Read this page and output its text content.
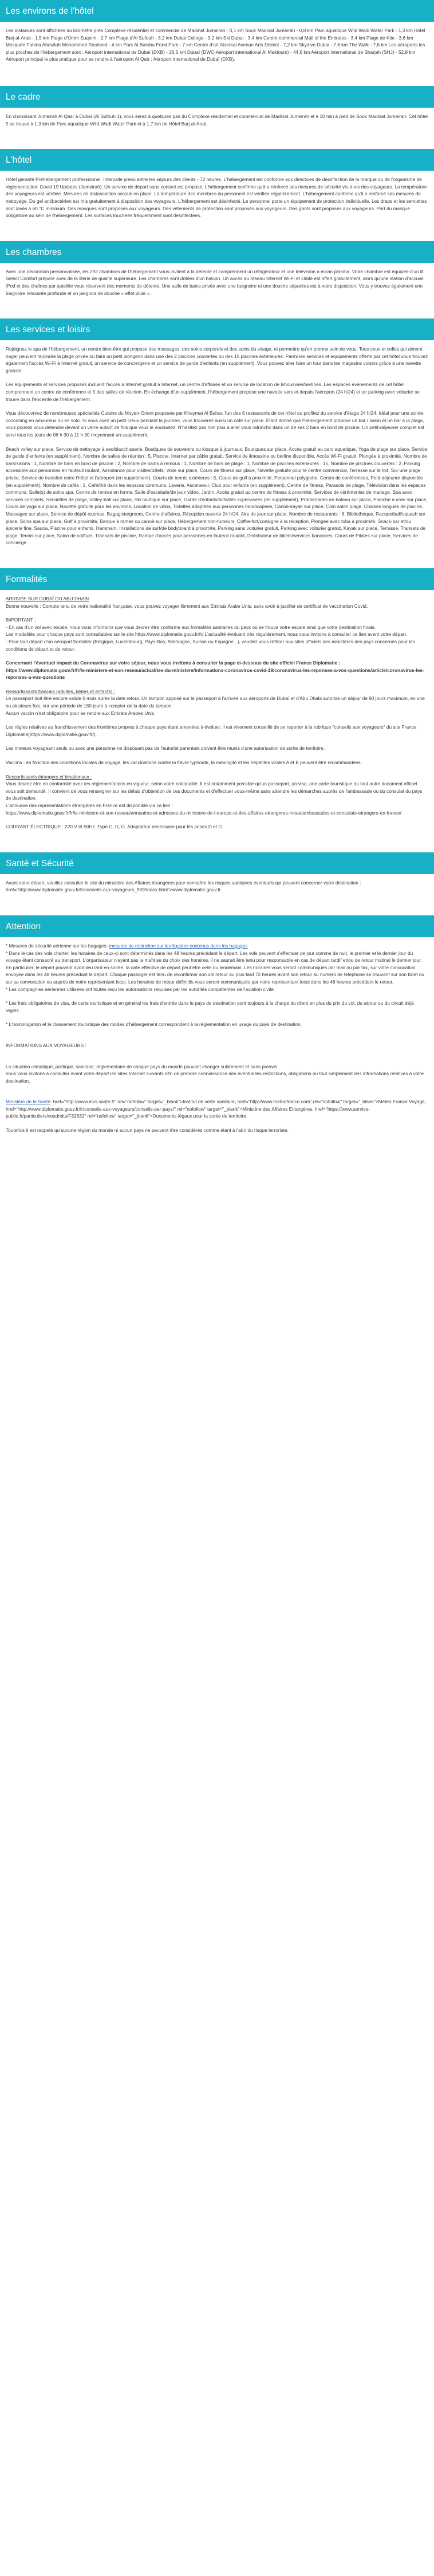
Les environs de l'hôtel

Les distances sont affichées au kilomètre près Complexe résidentiel et commercial de Madinat Jumeirah - 0,1 km Souk Madinat Jumeirah - 0,8 km Parc aquatique Wild Wadi Water Park - 1,3 km Hôtel Burj al-Arab - 1,5 km Plage d'Umm Suqeim - 2,7 km Plage d'Al Sufouh - 3,2 km Dubai College - 3,2 km Ski Dubai - 3,4 km Centre commercial Mall of the Emirates - 3,4 km Plage de Kite - 3,6 km Mosquée Fatima Abdullah Mohammed Rasheed - 4 km Parc Al Barsha Pond Park - 7 km Centre d'art Alserkal Avenue Arts District - 7,2 km Skydive Dubai - 7,6 km The Walk - 7,6 km Les aéroports les plus proches de l'hébergement sont : Aéroport international de Dubaï (DXB) - 26,5 km Dubaï (DWC-Aéroport international Al Maktoum) - 44,6 km Aéroport international de Sharjah (SHJ) - 52,8 km Aéroport principal le plus pratique pour se rendre à l'aéroport Al Qaïr : Aéroport International de Dubaï (DXB).

Le cadre

En choisissant Jumeirah Al Qasr à Dubaï (Al Sufouh 1), vous serez à quelques pas du Complexe résidentiel et commercial de Madinat Jumeirah et à 10 min à pied de Souk Madinat Jumeirah. Cet hôtel 5 se trouve à 1,3 km de Parc aquatique Wild Wadi Water Park et à 1,7 km de Hôtel Burj al-Arab.

L'hôtel

Hôtel géranté Préhébergement professionnel. Intervalle prévu entre les séjours des clients - 72 heures. L'hébergement est conforme aux directives de désinfection de la marque ou de l'organisme de réglementation: Covid 19 Updates (Jumeirah). Un service de départ sans contact est proposé. L'hébergement confirme qu'il a renforcé ses mesures de sécurité vis-à-vis des voyageurs. La température des voyageurs est vérifiée. Mesures de distanciation sociale en place. La température des membres du personnel est vérifiée régulièrement. L'hébergement confirme qu'il a renforcé ses mesures de nettoyage. Du gel antibactérien est mis gratuitement à disposition des voyageurs. L'hébergement est désinfecté. Le personnel porte un équipement de protection individuelle. Les draps et les serviettes sont lavés à 60 °C minimum. Des masques sont proposés aux voyageurs. Des vêtements de protection sont proposés aux voyageurs. Des gants sont proposés aux voyageurs. Port du masque obligatoire au sein de l'hébergement. Les surfaces touchées fréquemment sont désinfectées.

Les chambres

Avec une décoration personnalisée, les 292 chambres de l'hébergement vous invitent à la détente et comprennent un réfrigérateur et une télévision à écran plasma. Votre chambre est équipée d'un lit Select Comfort préparé avec de la literie de qualité supérieure. Les chambres sont dotées d'un balcon. Un accès au réseau Internet Wi-Fi et câblé est offert gratuitement, alors qu'une station d'accueil iPod et des chaînes par satellite vous réservent des moments de détente. Une salle de bains privée avec une baignoire et une douche séparées est à votre disposition. Vous y trouvez également une baignoire relaxante profonde et un peignoir de douche « effet plule ».

Les services et loisirs

Rejoignez le spa de l'hébergement, un centre bien-être qui propose des massages, des soins corporels et des soins du visage, et permettre qu'en prenne soin de vous. Tous ceux et celles qui aiment nager peuvent rejoindre la plage privée ou faire un petit plongeon dans une des 2 piscines couvertes ou des 15 piscines extérieures. Parmi les services et équipements offerts par cet hôtel vous trouvez également l'accès Wi-Fi à Internet gratuit, un service de conciergerie et un service de garde d'enfants (en supplément). Vous pouvez aller faire un tour dans les magasins voisins grâce à une navette gratuite.

Les équipements et services proposés incluent l'accès à Internet gratuit à Internet, un centre d'affaires et un service de location de limousines/berlines. Les espaces événements de cet hôtel comprennent un centre de conférence et 5 des salles de réunion. En échange d'un supplément, l'hébergement propose une navette vers et depuis l'aéroport (24 h/24) et un parking avec voiturier se trouve dans l'enceinte de l'hébergement.

Vous découvrirez de nombreuses spécialités Cuisine du Moyen-Orient proposée par Khaymat Al Bahar, l'un des 6 restaurants de cet hôtel ou profitez du service d'étage 24 h/24. Idéal pour une soirée cocooning en amoureux ou en solo. Si vous avez un petit creux pendant la journée, vous trouverez aussi un café sur place. Étant donné que l'hébergement propose un bar / salon et un bar à la plage, vous pouvez vous détendre devant un verre autant de fois que vous le souhaitez. N'hésitez pas non plus à aller vous rafraîchir dans un de ses 2 bars en bord de piscine. Un petit-déjeuner complet est servi tous les jours de 06 h 30 à 11 h 30 moyennant un supplément.

Beach volley sur place, Service de nettoyage à sec/blanchisserie, Boutiques de souvenirs ou kiosque à journaux, Boutiques sur place, Accès gratuit au parc aquatique, Yoga de plage sur place, Service de garde d'enfants (en supplément), Nombre de salles de réunion : 5, Piscine, Internet par câble gratuit, Service de limousine ou berline disponible, Accès Wi-Fi gratuit, Plongée à proximité, Nombre de bars/salons : 1, Nombre de bars en bord de piscine : 2, Nombre de bains à remous : 1, Nombre de bars de plage : 1, Nombre de piscines extérieures : 15, Nombre de piscines couvertes : 2, Parking accessible aux personnes en fauteuil roulant, Assistance pour visites/billets, Voile sur place, Cours de fitness sur place, Navette gratuite pour le centre commercial, Terrasse sur le toit, Sur une plage privée, Service de transfert entre l'hôtel et l'aéroport (en supplément), Courts de tennis extérieurs : 5, Cours de golf à proximité, Personnel polyglotte, Centre de conférences, Petit-déjeuner disponible (en supplément), Nombre de cafés : 1, Café/thé dans les espaces communs, Laverie, Ascenseur, Club pour enfants (en supplément), Centre de fitness, Parasols de plage, Télévision dans les espaces communs, Salle(s) de soins spa, Centre de remise en forme, Salle d'escalade/de jeux vidéo, Jardin, Accès gratuit au centre de fitness à proximité, Services de cérémonies de mariage, Spa avec services complets, Serviettes de plage, Volley-ball sur place, Ski nautique sur place, Garde d'enfants/activités supervisées (en supplément), Promenades en bateau sur place, Planche à voile sur place, Cours de yoga sur place, Navette gratuite pour les environs, Location de vélos, Toilettes adaptées aux personnes handicapées, Canoë-kayak sur place, Coin salon plage, Chaises longues de piscine, Massages sur place, Service de dépôt express, Bagagiste/groom, Centre d'affaires, Réception ouverte 24 h/24, Aire de jeux sur place, Nombre de restaurants : 6, Bibliothèque, Racquetball/squash sur place, Soins spa sur place, Golf à proximité, Barque à rames ou canoë sur place, Hébergement non-fumeurs, Coffre-fort/consigne à la réception, Plongée avec tuba à proximité, Snack-bar et/ou épicerie fine, Sauna, Piscine pour enfants, Hammam, Installations de surf/de bodyboard à proximité, Parking sans voiturier gratuit, Parking avec voiturier gratuit, Kayak sur place, Terrasse, Transats de plage, Tennis sur place, Salon de coiffure, Transats de piscine, Rampe d'accès pour personnes en fauteuil roulant, Distributeur de billets/services bancaires, Cours de Pilates sur place, Services de concierge

Formalités

ARRIVÉE SUR DUBAÏ OU ABU DHABI

Bonne nouvelle : Compte tenu de votre nationalité française, vous pouvez voyager librement aux Emirats Arabe Unis, sans avoir à justifier de certificat de vaccination Covid.

IMPORTANT :

- En cas d'un vol avec escale, nous vous informons que vous devrez être conforme aux formalités sanitaires du pays où se trouve votre escale ainsi que votre destination finale.

Les modalités pour chaque pays sont consultables sur le site https://www.diplomatie.gouv.fr/fr/ L'actualité évoluant très régulièrement, nous vous invitons à consulter ce lien avant votre départ.

- Pour tout départ d'un aéroport frontalier (Belgique, Luxembourg, Pays-Bas, Allemagne, Suisse ou Espagne...), veuillez vous référer aux sites officiels des ministères des pays concernés pour les conditions de départ et de retour.

Concernant l'éventuel impact du Coronavirus sur votre séjour, nous vous invitons à consulter la page ci-dessous du site officiel France Diplomatie :

https://www.diplomatie.gouv.fr/fr/le-ministere-et-son-reseau/actualites-du-ministere/informations-coronavirus-covid-19/coronavirus-les-reponses-a-vos-questions/article/coronavirus-les-reponses-a-vos-questions

Ressortissants français (adultes, bébés et enfants) :

Le passeport doit être encore valide 6 mois après la date retour. Un tampon apposé sur le passeport à l'arrivée aux aéroports de Dubaï et d'Abu Dhabi autorise un séjour de 90 jours maximum, en une ou plusieurs fois, sur une période de 180 jours à compter de la date du tampon.

Aucun vaccin n'est obligatoire pour se rendre aux Emirats Arabes Unis.

Les règles relatives au franchissement des frontières propres à chaque pays étant amenées à évoluer, il est vivement conseillé de se reporter à la rubrique "conseils aux voyageurs" du site France Diplomatie(https://www.diplomatie.gouv.fr/).

Les mineurs voyageant seuls ou avec une personne ne disposant pas de l'autorité parentale doivent être munis d'une autorisation de sortie de territoire.

Vaccins : en fonction des conditions locales de voyage, les vaccinations contre la fièvre typhoïde, la méningite et les hépatites virales A et B peuvent être recommandées.

Ressortissants étrangers et binationaux :

Vous devrez être en conformité avec les réglementations en vigueur, selon votre nationalité. Il est notamment possible qu'un passeport, un visa, une carte touristique ou tout autre document officiel vous soit demandé. Il convient de vous renseigner sur les délais d'obtention de ces documents et d'effectuer vous-même sans attendre les démarches auprès de l'ambassade ou du consulat du pays de destination.

L'annuaire des représentations étrangères en France est disponible via ce lien :

https://www.diplomatie.gouv.fr/fr/le-ministere-et-son-reseau/annuaires-et-adresses-du-ministere-de-l-europe-et-des-affaires-etrangeres-meae/ambassades-et-consulats-etrangers-en-france/

COURANT ÉLECTRIQUE : 220 V et 50Hz. Type C, D, G. Adaptateur nécessaire pour les prises D et G.

Santé et Sécurité

Avant votre départ, veuillez consulter le site du ministère des Affaires étrangères pour connaître les risques sanitaires éventuels qui peuvent concerner votre destination : href="http://www.diplomatie.gouv.fr/fr/conseils-aux-voyageurs_909/index.html">www.diplomatie.gouv.fr

Attention

* Mesures de sécurité aérienne sur les bagages: mesures de restriction sur les liquides contenus dans les bagages

* Dans le cas des vols charter, les horaires de ceux-ci sont déterminés dans les 48 heures précédant le départ. Les vols peuvent s'effectuer de jour comme de nuit, le premier et le dernier jour du voyage étant consacré au transport. L'organisateur n'ayant pas la maîtrise du choix des horaires, il ne saurait être tenu pour responsable en cas de départ tardif et/ou de retour matinal le dernier jour. En particulier, le départ pouvant avoir lieu tard en soirée, la date effective de départ peut être celle du lendemain. Les horaires vous seront communiqués par mail ou par fax, sur votre convocation envoyée dans les 48 heures précédant le départ. Chaque passager est tenu de reconfirmer son vol retour au plus tard 72 heures avant son retour au numéro de téléphone se trouvant sur son billet ou sur sa convocation ou auprès de notre représentant local. Les horaires de retour définitifs vous seront communiqués par notre représentant local dans les 48 heures précédant le retour.

* Les compagnies aériennes utilisées ont toutes reçu les autorisations requises par les autorités compétentes de l'aviation civile.

* Les frais obligatoires de visa, de carte touristique et en général les frais d'entrée dans le pays de destination sont toujours à la charge du client en plus du prix du vol, du séjour ou du circuit déjà réglés.

* L'homologation et le classement touristique des modes d'hébergement correspondent à la réglementation en usage du pays de destination.

INFORMATIONS AUX VOYAGEURS :

La situation climatique, politique, sanitaire, réglementaire de chaque pays du monde pouvant changer subitement et sans préavis

nous vous invitons à consulter avant votre départ les sites Internet suivants afin de prendre connaissance des éventuelles restrictions, obligations ou tout simplement des informations relatives à votre destination.

Ministère de la Santé: href="http://www.invs.sante.fr" rel="nofollow" target="_blank">Institut de veille sanitaire, href="http://www.meteofrance.com" rel="nofollow" target="_blank">Météo France Voyage, href="http://www.diplomatie.gouv.fr/fr/conseils-aux-voyageurs/conseils-par-pays/" rel="nofollow" target="_blank">Ministère des Affaires Etrangères, href="https://www.service-public.fr/particuliers/vosdroits/F32832" rel="nofollow" target="_blank">Documents légaux pour la sortie du territoire.

Toutefois il est rappelé qu'aucune région du monde ni aucun pays ne peuvent être considérés comme étant à l'abri du risque terroriste.
